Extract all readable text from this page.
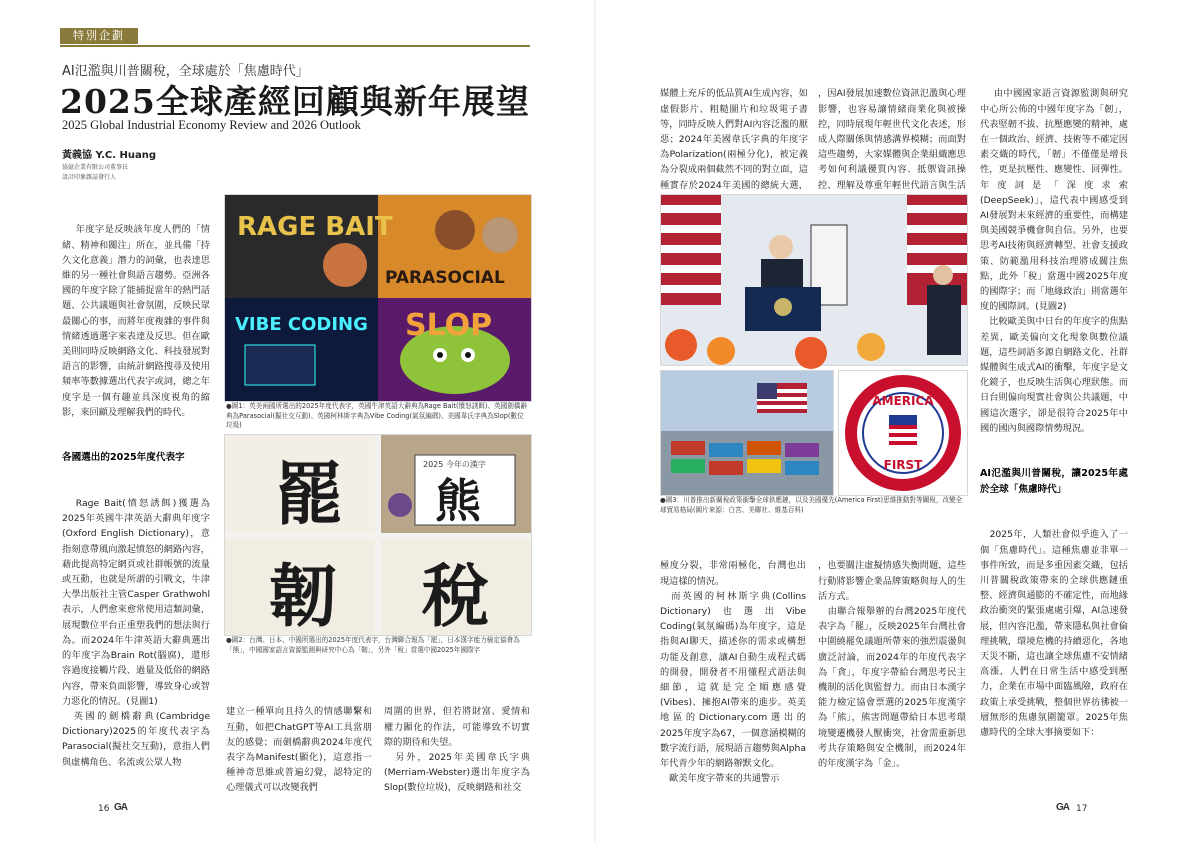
特別企劃
AI氾濫與川普關稅，全球處於「焦慮時代」
2025全球產經回顧與新年展望
2025 Global Industrial Economy Review and 2026 Outlook
黃義協 Y.C. Huang
協億企業有限公司董事長
設計印象雜誌發行人

年度字是反映該年度人們的「情緒、精神和關注」所在，並具備「持久文化意義」潛力的詞彙，也表達思維的另一種社會與語言趨勢。亞洲各國的年度字除了能捕捉當年的熱門話題、公共議題與社會氛圍，反映民眾最關心的事，而將年度複雜的事件與情緒透過選字來表達及反思。但在歐美則同時反映網路文化、科技發展對語言的影響，由統計網路搜尋及使用頻率等數據選出代表字或詞，總之年度字是一個有趣並具深度視角的縮影，來回顧及理解我們的時代。

各國選出的2025年度代表字

Rage Bait(憤怒誘餌)獲選為2025年英國牛津英語大辭典年度字(Oxford English Dictionary)，意指刻意帶風向激起憤怒的網路內容，藉此提高特定網頁或社群帳號的流量或互動，也就是所謂的引戰文，牛津大學出版社主管Casper Grathwohl表示，人們愈來愈常使用這類詞彙，展現數位平台正重塑我們的想法與行為。而2024年牛津英語大辭典選出的年度字為Brain Rot(腦腐)，還形容過度接觸片段、過量及低俗的網路內容，帶來負面影響，導致身心或智力惡化的情況。(見圖1)
　英國的劍橋辭典(Cambridge Dictionary)2025的年度代表字為Parasocial(擬社交互動)，意指人們與虛構角色、名流或公眾人物

RAGE BAIT
PARASOCIAL
VIBE CODING SLOP
●圖1：英美兩國所選出的2025年度代表字，英國牛津英語大辭典為Rage Bait(憤怒誘餌)、英國劍橋辭典為Parasocial(擬社交互動)、英國柯林斯字典為Vibe Coding(氣氛編碼)、美國韋氏字典為Slop(數位垃圾)
2025 今年の漢字
罷 熊
韌 稅
●圖2：台灣、日本、中國所選出的2025年度代表字，台灣聯合報為「罷」，日本漢字能力檢定協會為「熊」，中國國家語言資源監測與研究中心為「韌」，另外「稅」當選中國2025年國際字

建立一種單向且持久的情感聯繫和互動，如把ChatGPT等AI工具當朋友的感覺；而劍橋辭典2024年度代表字為Manifest(顯化)，這意指一種神奇思維或普遍幻覺，認特定的心理儀式可以改變我們

周圍的世界，但若將財富、愛情和權力顯化的作法，可能導致不切實際的期待和失望。
　另外，2025年美國韋氏字典(Merriam-Webster)選出年度字為Slop(數位垃圾)，反映網路和社交

16 GA

媒體上充斥的低品質AI生成內容，如虛假影片、粗糙圖片和垃圾電子書等，同時反映人們對AI內容泛濫的厭惡；2024年美國韋氏字典的年度字為Polarization(兩極分化)，被定義為分裂成兩個截然不同的對立面，這種實存於2024年美國的總統大選，

，因AI發展加速數位資訊氾濫與心理影響，也容易讓情緒商業化與被操控，同時展現年輕世代文化表述，形成人際關係與情感溝界模糊；而面對這些趨勢，大家媒體與企業組織應思考如何利議優質內容、抵禦資訊操控、理解及尊重年輕世代語言與生活

由中國國家語言資源監測與研究中心所公佈的中國年度字為「韌」，代表堅韌不拔、抗壓應變的精神，處在一個政治、經濟、技術等不確定因素交織的時代，「韌」不僅僅是增長性，更是抗壓性、應變性、回彈性。年度詞是「深度求索(DeepSeek)」，這代表中國感受到AI發展對未來經濟的重要性，而構建與美國競爭機會與自信。另外，也要思考AI技術與經濟轉型、社會支援政策、防範濫用科技治理將成關注焦點，此外「稅」當選中國2025年度的國際字；而「地緣政治」則當選年度的國際詞。(見圖2)
　比較歐美與中日台的年度字的焦點差異，歐美偏向文化現象與數位議題，這些詞語多源自網路文化、社群媒體與生成式AI的衝擊，年度字是文化鏡子，也反映生活與心理狀態。而日台則偏向現實社會與公共議題，中國這次選字，卻是很符合2025年中國的國內與國際情勢現況。

AI氾濫與川普關稅，讓2025年處於全球「焦慮時代」

　2025年，人類社會似乎進入了一個「焦慮時代」。這種焦慮並非單一事件所致，而是多重因素交織，包括川普關稅政策帶來的全球供應鏈重整、經濟與通膨的不確定性，而地緣政治衝突的緊張處處引爆，AI急速發展，但內容氾濫，帶來隱私與社會倫理挑戰，環境危機的持續惡化，各地天災不斷，這也讓全球焦慮不安情緒高漲，人們在日常生活中感受到壓力，企業在市場中面臨風險，政府在政策上承受挑戰，整個世界彷彿被一層無形的焦慮氛圍籠罩。2025年焦慮時代的全球大事摘要如下：

AMERICA
FIRST
●圖3：川普推出新關稅政策衝擊全球供應鏈，以及美國優先(America First)思維推動對等關稅，改變全球貿易格局(圖片來源：白宮、美聯社、維基百科)

極度分裂，非常兩極化，台灣也出現這樣的情況。
　而英國的柯林斯字典(Collins Dictionary)也選出Vibe Coding(氣氛編碼)為年度字，這是指與AI聊天，描述你的需求或構想功能及創意，讓AI自動生成程式碼的開發，開發者不用懂程式語法與細節，這就是完全順應感覺(Vibes)、擁抱AI帶來的進步。英美地區的Dictionary.com選出的2025年度字為67，一個意涵模糊的數字流行語，展現語言趨勢與Alpha年代青少年的網路辦默文化。
　歐美年度字帶來的共通警示

，也要關注虛擬情感失衡問題，這些行動將影響企業品牌策略與每人的生活方式。
　由聯合報舉辦的台灣2025年度代表字為「罷」，反映2025年台灣社會中圍繞罷免議題所帶來的強烈震盪與廣泛討論，而2024年的年度代表字為「貪」，年度字帶給台灣思考民主機制的活化與監督力。而由日本漢字能力檢定協會票選的2025年度漢字為「熊」，熊害問題帶給日本思考環境變遷機發人獸衝突，社會需重新思考共存策略與安全機制，而2024年的年度漢字為「金」。

GA 17
